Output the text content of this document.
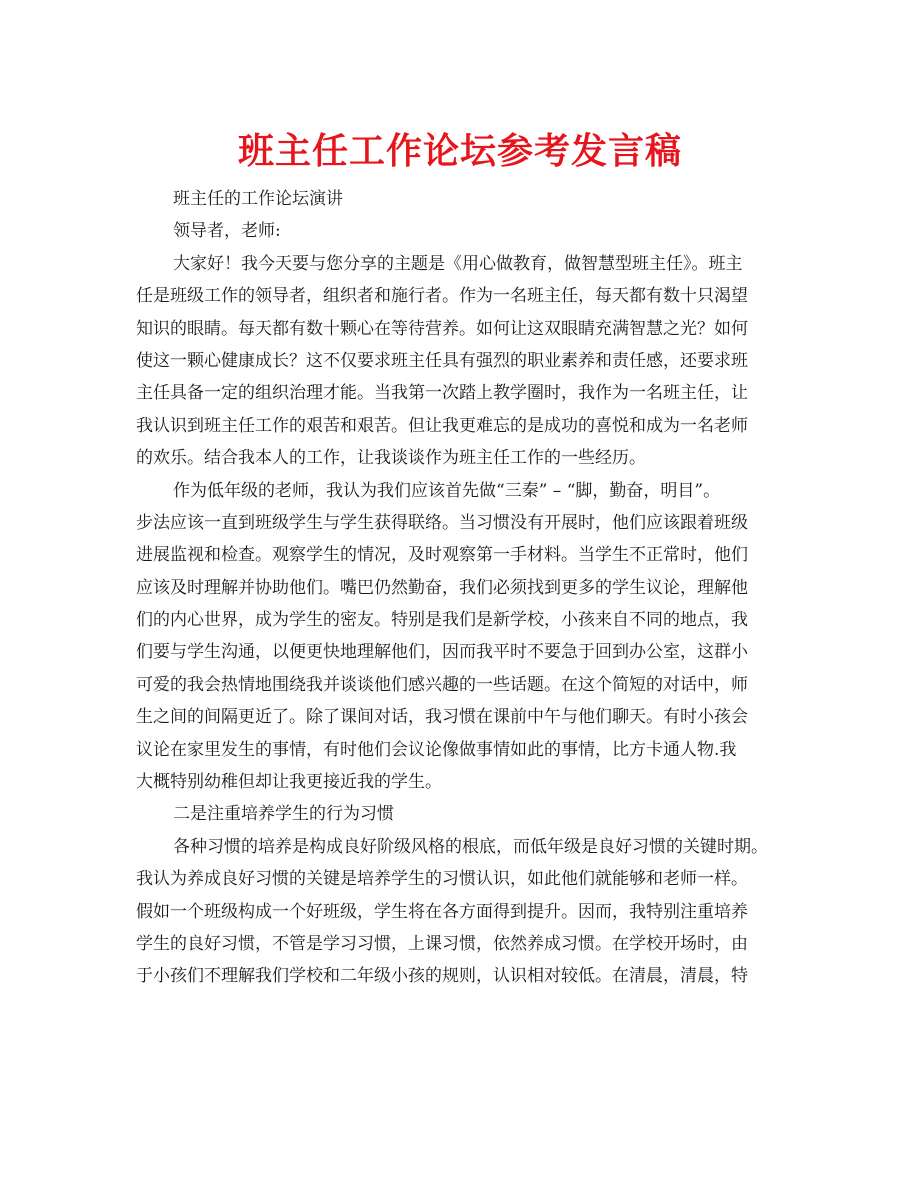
班主任工作论坛参考发言稿
班主任的工作论坛演讲
领导者，老师:
大家好！我今天要与您分享的主题是《用心做教育，做智慧型班主任》。班主
任是班级工作的领导者，组织者和施行者。作为一名班主任，每天都有数十只渴望
知识的眼睛。每天都有数十颗心在等待营养。如何让这双眼睛充满智慧之光？如何
使这一颗心健康成长？这不仅要求班主任具有强烈的职业素养和责任感，还要求班
主任具备一定的组织治理才能。当我第一次踏上教学圈时，我作为一名班主任，让
我认识到班主任工作的艰苦和艰苦。但让我更难忘的是成功的喜悦和成为一名老师
的欢乐。结合我本人的工作，让我谈谈作为班主任工作的一些经历。
作为低年级的老师，我认为我们应该首先做“三秦” – “脚，勤奋，明目”。
步法应该一直到班级学生与学生获得联络。当习惯没有开展时，他们应该跟着班级
进展监视和检查。观察学生的情况，及时观察第一手材料。当学生不正常时，他们
应该及时理解并协助他们。嘴巴仍然勤奋，我们必须找到更多的学生议论，理解他
们的内心世界，成为学生的密友。特别是我们是新学校，小孩来自不同的地点，我
们要与学生沟通，以便更快地理解他们，因而我平时不要急于回到办公室，这群小
可爱的我会热情地围绕我并谈谈他们感兴趣的一些话题。在这个简短的对话中，师
生之间的间隔更近了。除了课间对话，我习惯在课前中午与他们聊天。有时小孩会
议论在家里发生的事情，有时他们会议论像做事情如此的事情，比方卡通人物.我
大概特别幼稚但却让我更接近我的学生。
二是注重培养学生的行为习惯
各种习惯的培养是构成良好阶级风格的根底，而低年级是良好习惯的关键时期。
我认为养成良好习惯的关键是培养学生的习惯认识，如此他们就能够和老师一样。
假如一个班级构成一个好班级，学生将在各方面得到提升。因而，我特别注重培养
学生的良好习惯，不管是学习习惯，上课习惯，依然养成习惯。在学校开场时，由
于小孩们不理解我们学校和二年级小孩的规则，认识相对较低。在清晨，清晨，特
